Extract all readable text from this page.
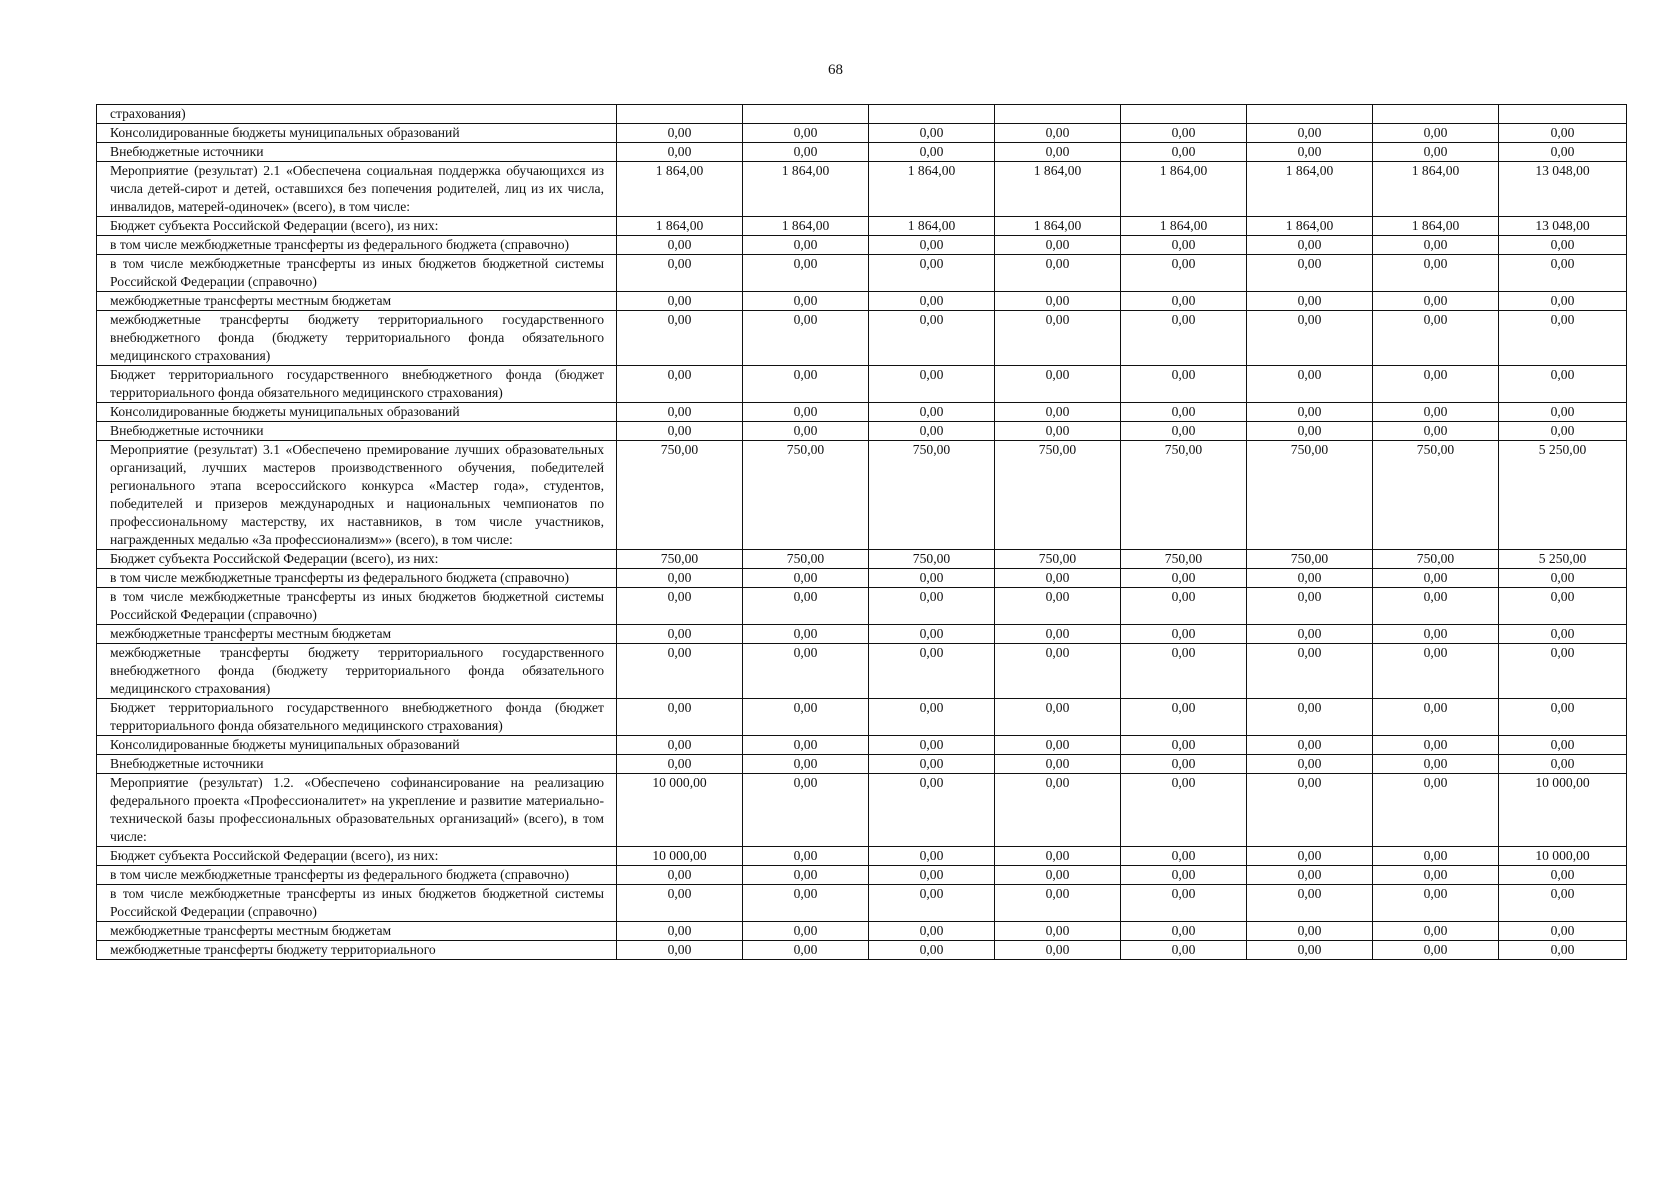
68
страхования)								
Консолидированные бюджеты муниципальных образований	0,00	0,00	0,00	0,00	0,00	0,00	0,00	0,00
Внебюджетные источники	0,00	0,00	0,00	0,00	0,00	0,00	0,00	0,00
Мероприятие (результат) 2.1 «Обеспечена социальная поддержка обучающихся из числа детей-сирот и детей, оставшихся без попечения родителей, лиц из их числа, инвалидов, матерей-одиночек» (всего), в том числе:	1 864,00	1 864,00	1 864,00	1 864,00	1 864,00	1 864,00	1 864,00	13 048,00
Бюджет субъекта Российской Федерации (всего), из них:	1 864,00	1 864,00	1 864,00	1 864,00	1 864,00	1 864,00	1 864,00	13 048,00
в том числе межбюджетные трансферты из федерального бюджета (справочно)	0,00	0,00	0,00	0,00	0,00	0,00	0,00	0,00
в том числе межбюджетные трансферты из иных бюджетов бюджетной системы Российской Федерации (справочно)	0,00	0,00	0,00	0,00	0,00	0,00	0,00	0,00
межбюджетные трансферты местным бюджетам	0,00	0,00	0,00	0,00	0,00	0,00	0,00	0,00
межбюджетные трансферты бюджету территориального государственного внебюджетного фонда (бюджету территориального фонда обязательного медицинского страхования)	0,00	0,00	0,00	0,00	0,00	0,00	0,00	0,00
Бюджет территориального государственного внебюджетного фонда (бюджет территориального фонда обязательного медицинского страхования)	0,00	0,00	0,00	0,00	0,00	0,00	0,00	0,00
Консолидированные бюджеты муниципальных образований	0,00	0,00	0,00	0,00	0,00	0,00	0,00	0,00
Внебюджетные источники	0,00	0,00	0,00	0,00	0,00	0,00	0,00	0,00
Мероприятие (результат) 3.1 «Обеспечено премирование лучших образовательных организаций, лучших мастеров производственного обучения, победителей регионального этапа всероссийского конкурса «Мастер года», студентов, победителей и призеров международных и национальных чемпионатов по профессиональному мастерству, их наставников, в том числе участников, награжденных медалью «За профессионализм»» (всего), в том числе:	750,00	750,00	750,00	750,00	750,00	750,00	750,00	5 250,00
Бюджет субъекта Российской Федерации (всего), из них:	750,00	750,00	750,00	750,00	750,00	750,00	750,00	5 250,00
в том числе межбюджетные трансферты из федерального бюджета (справочно)	0,00	0,00	0,00	0,00	0,00	0,00	0,00	0,00
в том числе межбюджетные трансферты из иных бюджетов бюджетной системы Российской Федерации (справочно)	0,00	0,00	0,00	0,00	0,00	0,00	0,00	0,00
межбюджетные трансферты местным бюджетам	0,00	0,00	0,00	0,00	0,00	0,00	0,00	0,00
межбюджетные трансферты бюджету территориального государственного внебюджетного фонда (бюджету территориального фонда обязательного медицинского страхования)	0,00	0,00	0,00	0,00	0,00	0,00	0,00	0,00
Бюджет территориального государственного внебюджетного фонда (бюджет территориального фонда обязательного медицинского страхования)	0,00	0,00	0,00	0,00	0,00	0,00	0,00	0,00
Консолидированные бюджеты муниципальных образований	0,00	0,00	0,00	0,00	0,00	0,00	0,00	0,00
Внебюджетные источники	0,00	0,00	0,00	0,00	0,00	0,00	0,00	0,00
Мероприятие (результат) 1.2. «Обеспечено софинансирование на реализацию федерального проекта «Профессионалитет» на укрепление и развитие материально-технической базы профессиональных образовательных организаций» (всего), в том числе:	10 000,00	0,00	0,00	0,00	0,00	0,00	0,00	10 000,00
Бюджет субъекта Российской Федерации (всего), из них:	10 000,00	0,00	0,00	0,00	0,00	0,00	0,00	10 000,00
в том числе межбюджетные трансферты из федерального бюджета (справочно)	0,00	0,00	0,00	0,00	0,00	0,00	0,00	0,00
в том числе межбюджетные трансферты из иных бюджетов бюджетной системы Российской Федерации (справочно)	0,00	0,00	0,00	0,00	0,00	0,00	0,00	0,00
межбюджетные трансферты местным бюджетам	0,00	0,00	0,00	0,00	0,00	0,00	0,00	0,00
межбюджетные трансферты бюджету территориального	0,00	0,00	0,00	0,00	0,00	0,00	0,00	0,00
